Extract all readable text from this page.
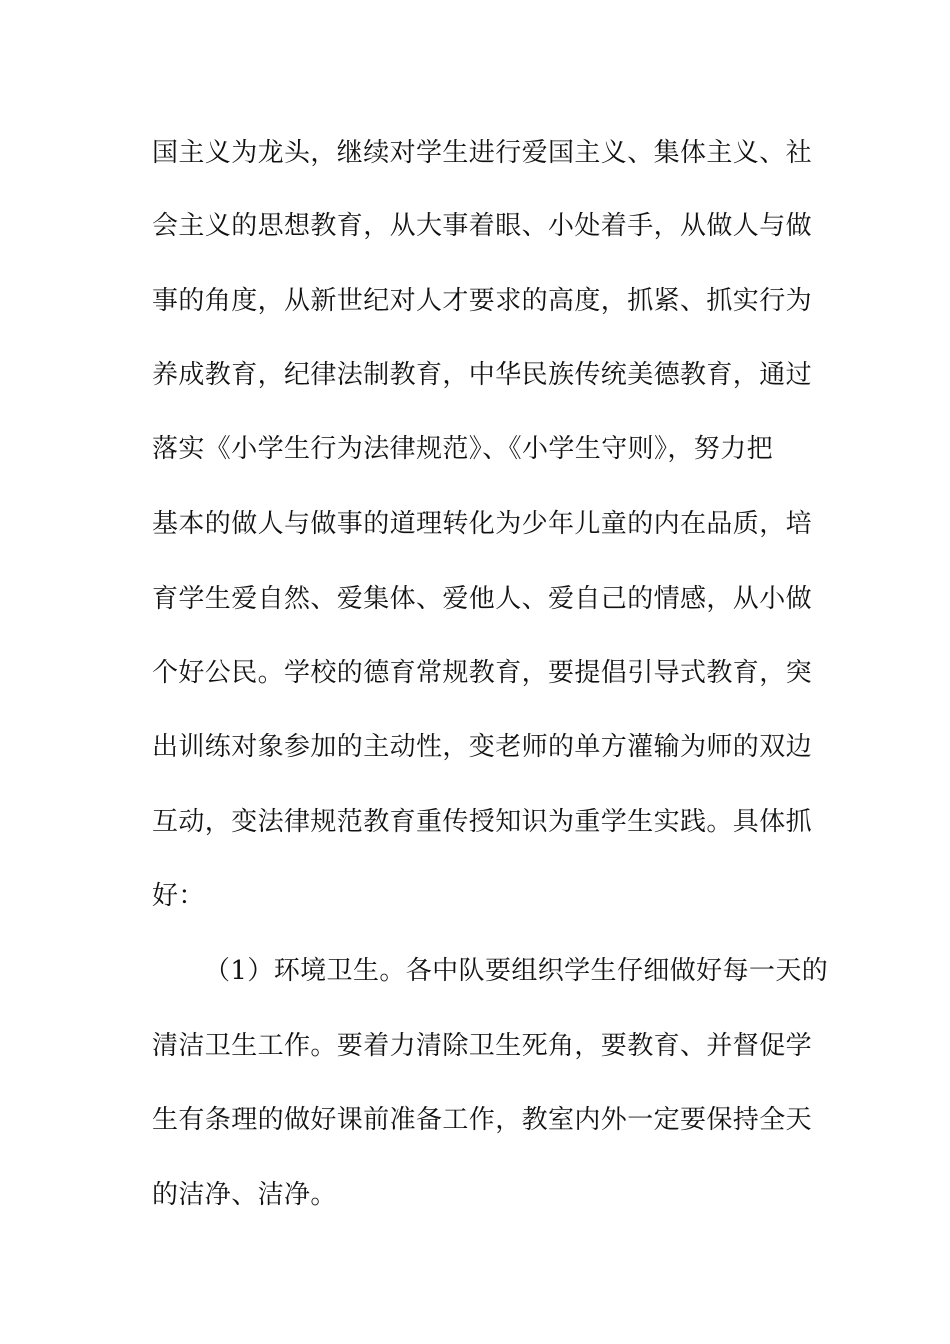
国主义为龙头，继续对学生进行爱国主义、集体主义、社
会主义的思想教育，从大事着眼、小处着手，从做人与做
事的角度，从新世纪对人才要求的高度，抓紧、抓实行为
养成教育，纪律法制教育，中华民族传统美德教育，通过
落实《小学生行为法律规范》、《小学生守则》，努力把
基本的做人与做事的道理转化为少年儿童的内在品质，培
育学生爱自然、爱集体、爱他人、爱自己的情感，从小做
个好公民。学校的德育常规教育，要提倡引导式教育，突
出训练对象参加的主动性，变老师的单方灌输为师的双边
互动，变法律规范教育重传授知识为重学生实践。具体抓
好：
（1）环境卫生。各中队要组织学生仔细做好每一天的
清洁卫生工作。要着力清除卫生死角，要教育、并督促学
生有条理的做好课前准备工作，教室内外一定要保持全天
的洁净、洁净。
